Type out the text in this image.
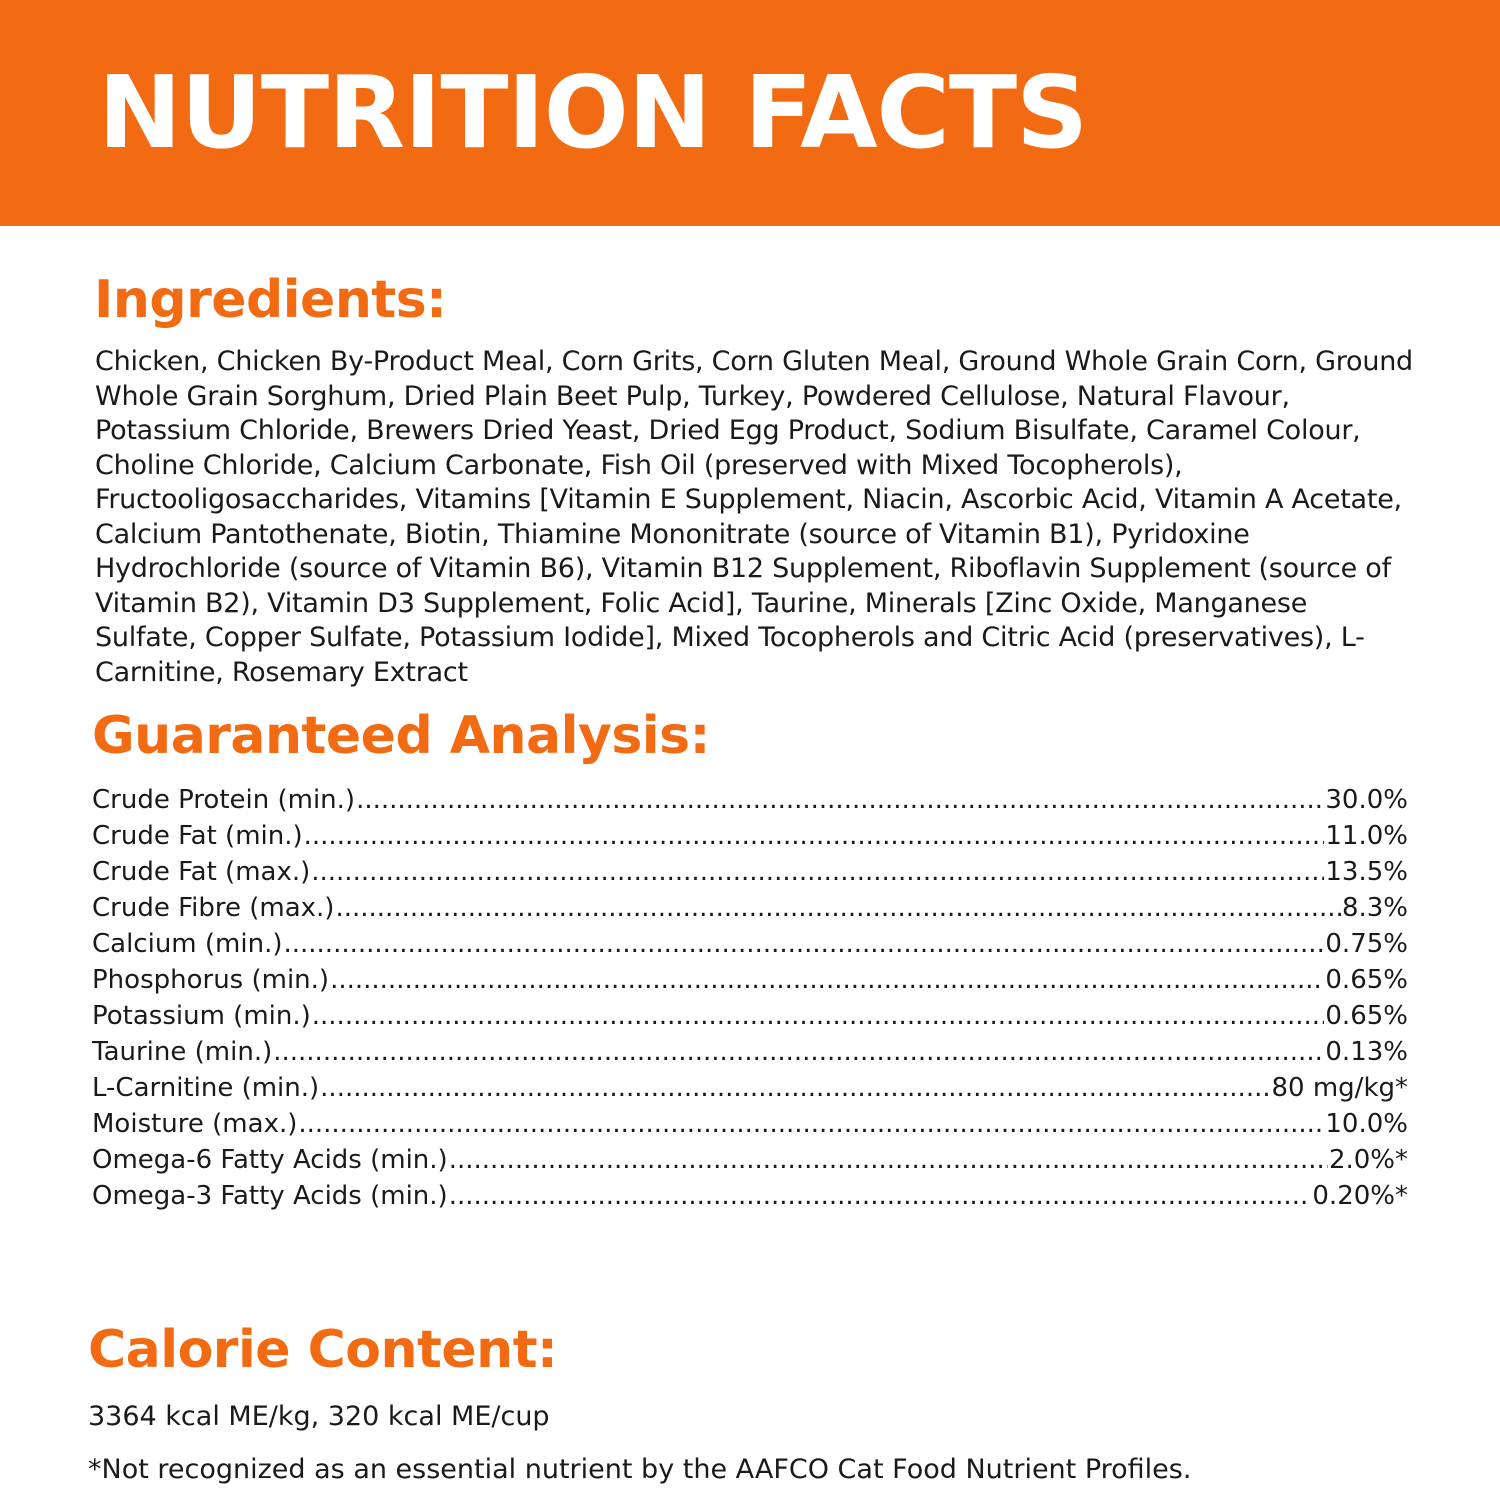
NUTRITION FACTS
Ingredients:

Chicken, Chicken By-Product Meal, Corn Grits, Corn Gluten Meal, Ground Whole Grain Corn, Ground Whole Grain Sorghum, Dried Plain Beet Pulp, Turkey, Powdered Cellulose, Natural Flavour, Potassium Chloride, Brewers Dried Yeast, Dried Egg Product, Sodium Bisulfate, Caramel Colour, Choline Chloride, Calcium Carbonate, Fish Oil (preserved with Mixed Tocopherols), Fructooligosaccharides, Vitamins [Vitamin E Supplement, Niacin, Ascorbic Acid, Vitamin A Acetate, Calcium Pantothenate, Biotin, Thiamine Mononitrate (source of Vitamin B1), Pyridoxine Hydrochloride (source of Vitamin B6), Vitamin B12 Supplement, Riboflavin Supplement (source of Vitamin B2), Vitamin D3 Supplement, Folic Acid], Taurine, Minerals [Zinc Oxide, Manganese Sulfate, Copper Sulfate, Potassium Iodide], Mixed Tocopherols and Citric Acid (preservatives), L-Carnitine, Rosemary Extract

Guaranteed Analysis:
Crude Protein (min.) .....	30.0%
Crude Fat (min.) .....	11.0%
Crude Fat (max.) .....	13.5%
Crude Fibre (max.) .....	8.3%
Calcium (min.) .....	0.75%
Phosphorus (min.) .....	0.65%
Potassium (min.) .....	0.65%
Taurine (min.) .....	0.13%
L-Carnitine (min.) .....	80 mg/kg*
Moisture (max.) .....	10.0%
Omega-6 Fatty Acids (min.) .....	2.0%*
Omega-3 Fatty Acids (min.) .....	0.20%*
Calorie Content:

3364 kcal ME/kg, 320 kcal ME/cup

*Not recognized as an essential nutrient by the AAFCO Cat Food Nutrient Profiles.
